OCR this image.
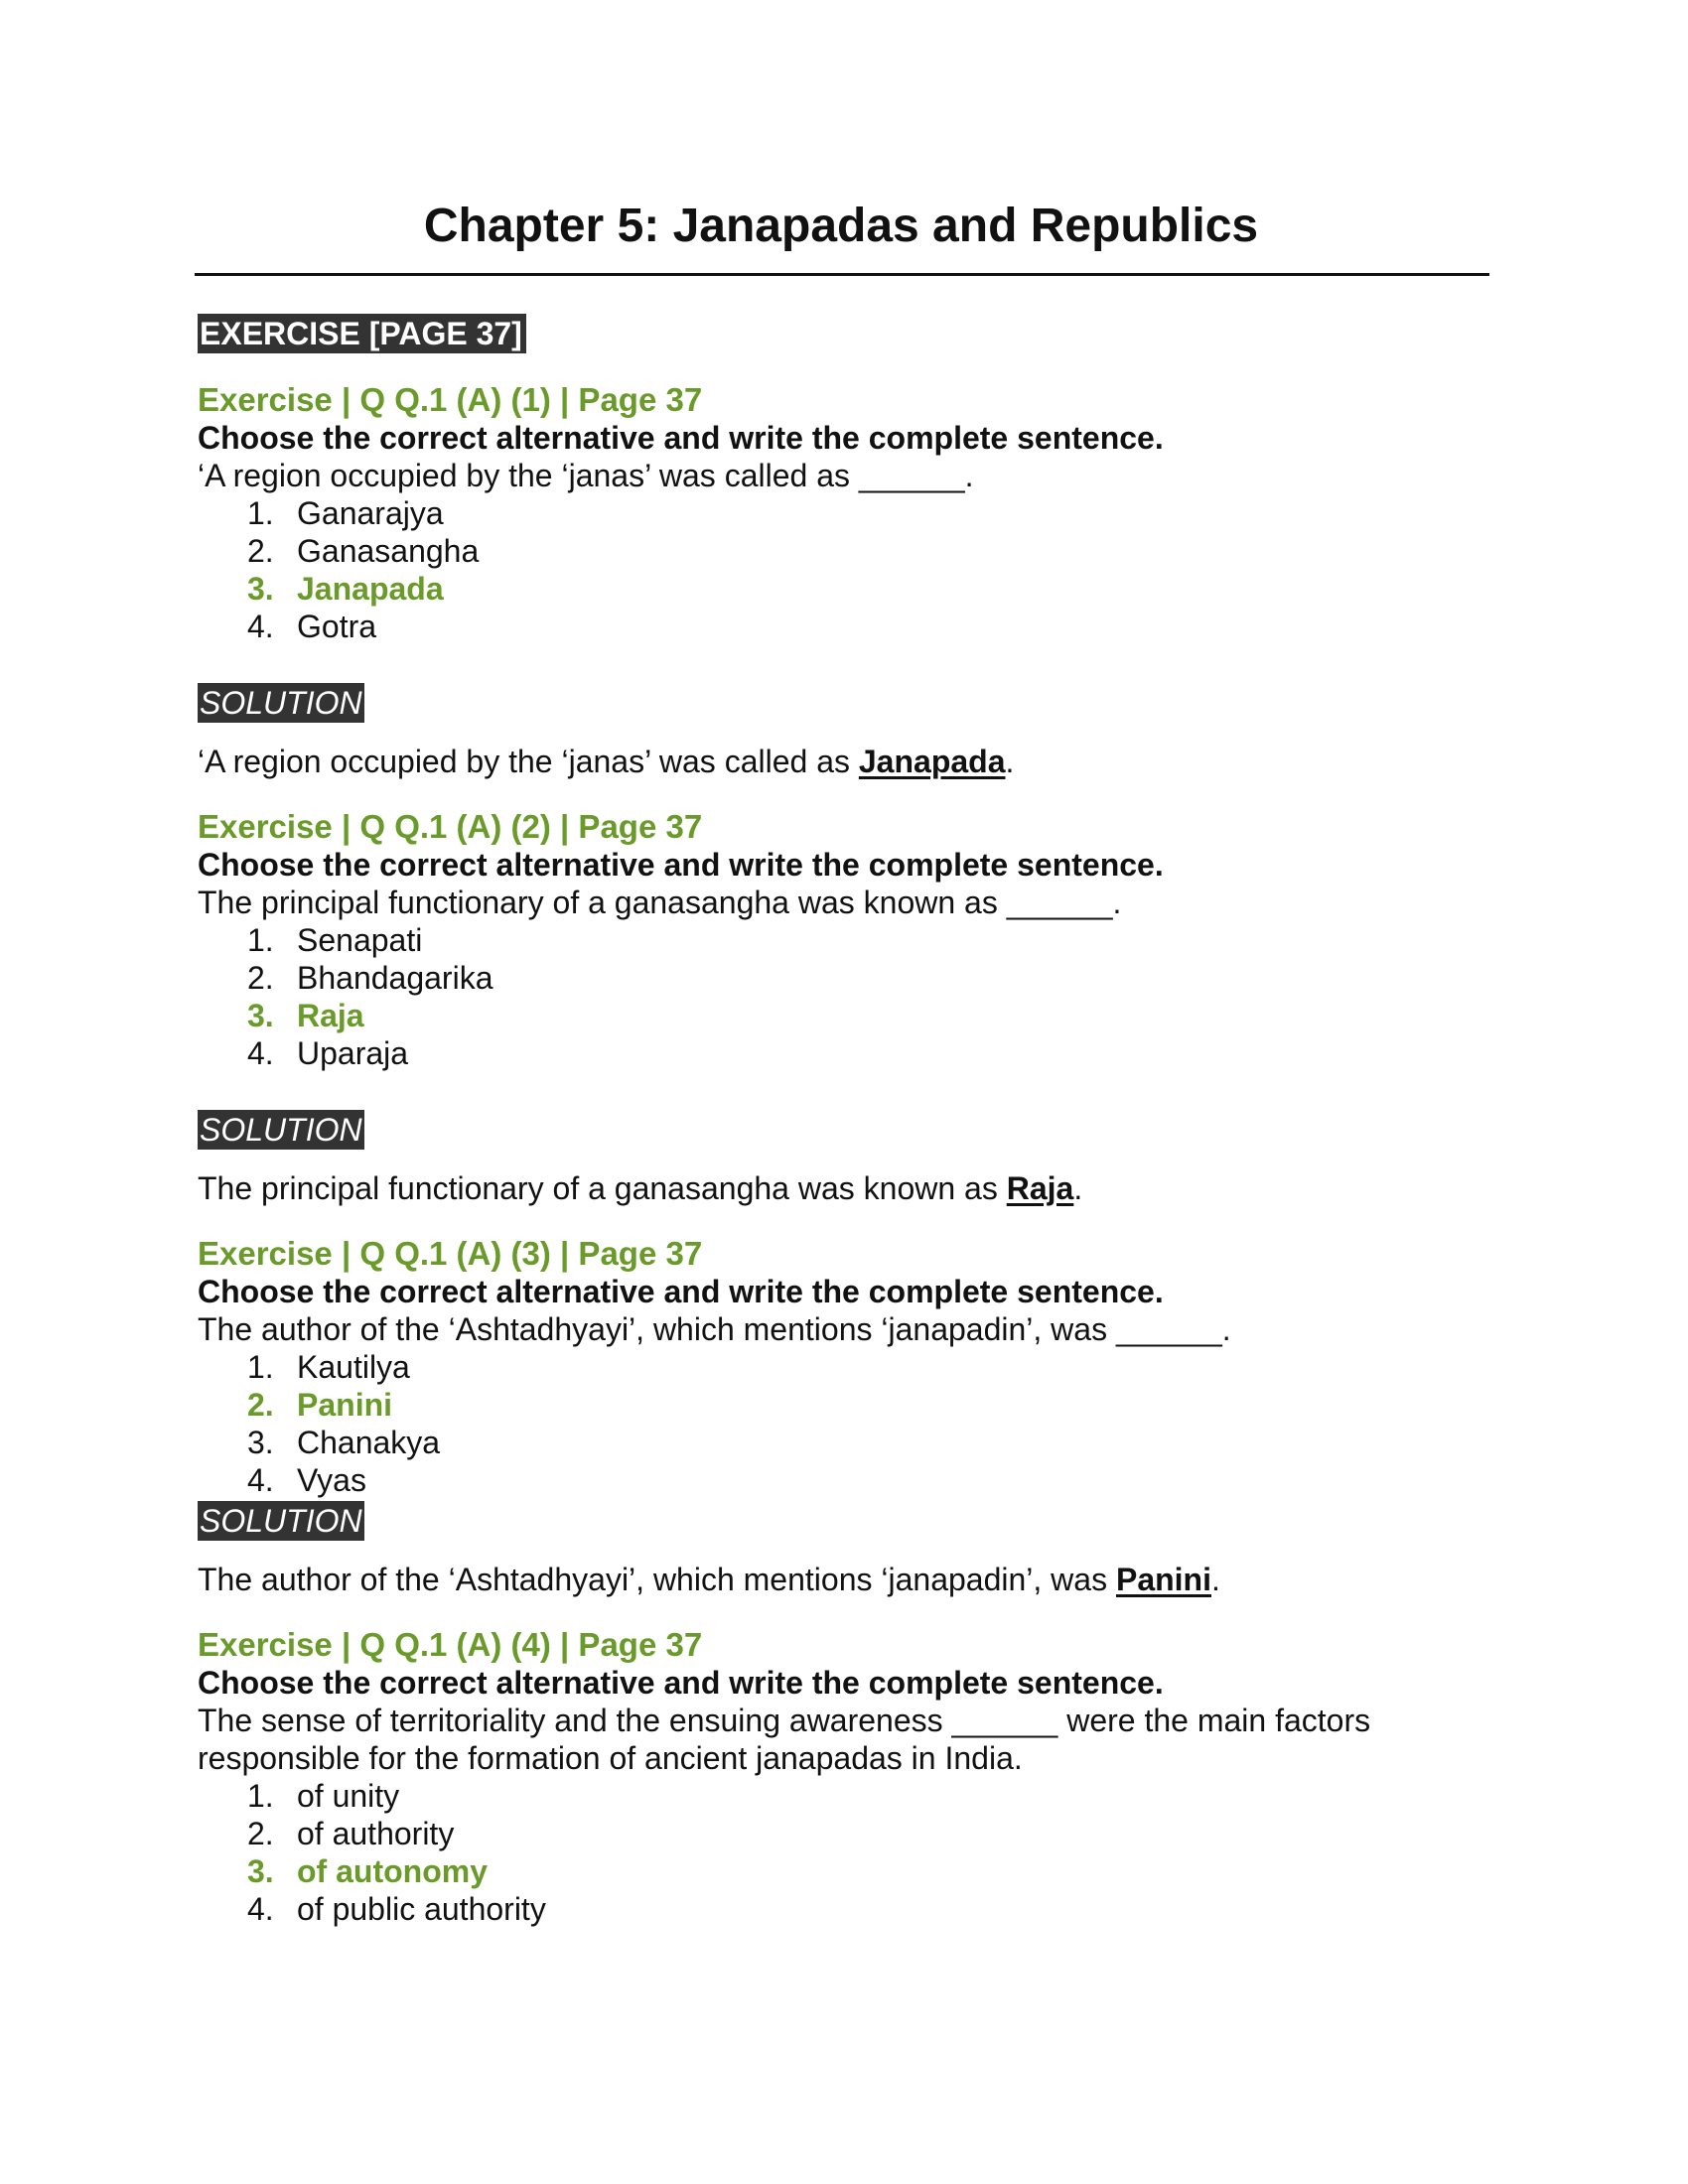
Chapter 5: Janapadas and Republics
EXERCISE [PAGE 37]

Exercise | Q Q.1 (A) (1) | Page 37

Choose the correct alternative and write the complete sentence.

‘A region occupied by the ‘janas’ was called as ______.

1. Ganarajya
2. Ganasangha
3. Janapada
4. Gotra
SOLUTION

‘A region occupied by the ‘janas’ was called as Janapada.

Exercise | Q Q.1 (A) (2) | Page 37

Choose the correct alternative and write the complete sentence.

The principal functionary of a ganasangha was known as ______.

1. Senapati
2. Bhandagarika
3. Raja
4. Uparaja
SOLUTION

The principal functionary of a ganasangha was known as Raja.

Exercise | Q Q.1 (A) (3) | Page 37

Choose the correct alternative and write the complete sentence.

The author of the ‘Ashtadhyayi’, which mentions ‘janapadin’, was ______.

1. Kautilya
2. Panini
3. Chanakya
4. Vyas
SOLUTION

The author of the ‘Ashtadhyayi’, which mentions ‘janapadin’, was Panini.

Exercise | Q Q.1 (A) (4) | Page 37

Choose the correct alternative and write the complete sentence.

The sense of territoriality and the ensuing awareness ______ were the main factors responsible for the formation of ancient janapadas in India.

1. of unity
2. of authority
3. of autonomy
4. of public authority
